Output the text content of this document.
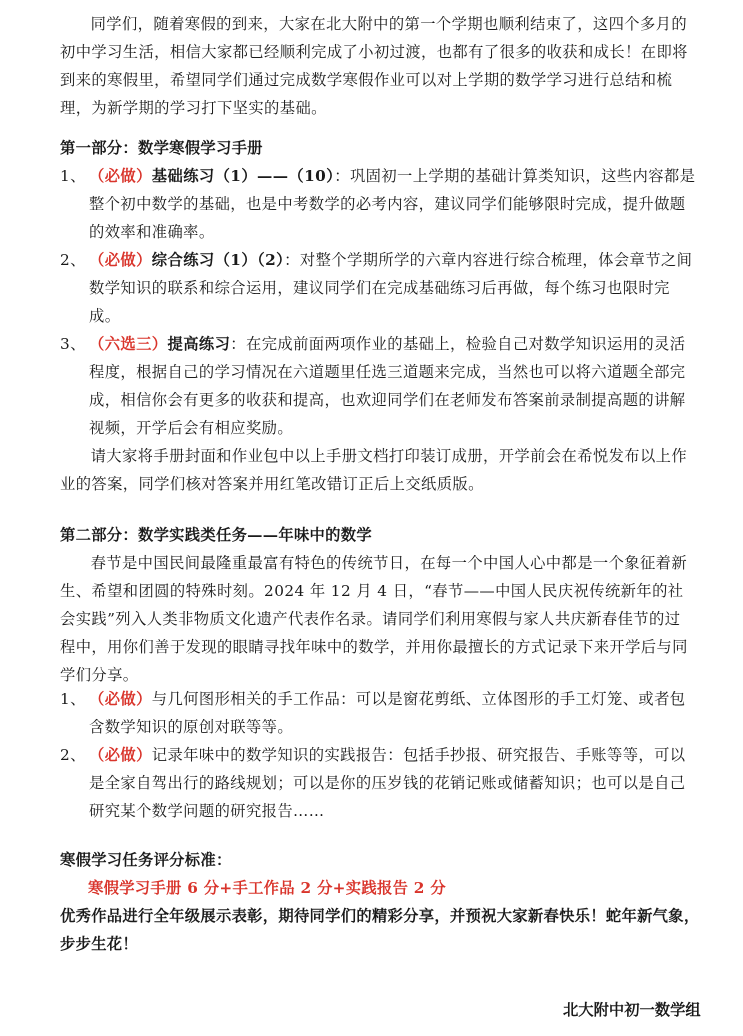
同学们，随着寒假的到来，大家在北大附中的第一个学期也顺利结束了，这四个多月的初中学习生活，相信大家都已经顺利完成了小初过渡，也都有了很多的收获和成长！在即将到来的寒假里，希望同学们通过完成数学寒假作业可以对上学期的数学学习进行总结和梳理，为新学期的学习打下坚实的基础。
第一部分：数学寒假学习手册
1、 （必做）基础练习（1）——（10）：巩固初一上学期的基础计算类知识，这些内容都是整个初中数学的基础，也是中考数学的必考内容，建议同学们能够限时完成，提升做题的效率和准确率。
2、 （必做）综合练习（1）（2）：对整个学期所学的六章内容进行综合梳理，体会章节之间数学知识的联系和综合运用，建议同学们在完成基础练习后再做，每个练习也限时完成。
3、 （六选三）提高练习：在完成前面两项作业的基础上，检验自己对数学知识运用的灵活程度，根据自己的学习情况在六道题里任选三道题来完成，当然也可以将六道题全部完成，相信你会有更多的收获和提高，也欢迎同学们在老师发布答案前录制提高题的讲解视频，开学后会有相应奖励。
请大家将手册封面和作业包中以上手册文档打印装订成册，开学前会在希悦发布以上作业的答案，同学们核对答案并用红笔改错订正后上交纸质版。
第二部分：数学实践类任务——年味中的数学
春节是中国民间最隆重最富有特色的传统节日，在每一个中国人心中都是一个象征着新生、希望和团圆的特殊时刻。2024 年 12 月 4 日，“春节——中国人民庆祝传统新年的社会实践”列入人类非物质文化遗产代表作名录。请同学们利用寒假与家人共庆新春佳节的过程中，用你们善于发现的眼睛寻找年味中的数学，并用你最擅长的方式记录下来开学后与同学们分享。
1、 （必做）与几何图形相关的手工作品：可以是窗花剪纸、立体图形的手工灯笼、或者包含数学知识的原创对联等等。
2、 （必做）记录年味中的数学知识的实践报告：包括手抄报、研究报告、手账等等，可以是全家自驾出行的路线规划；可以是你的压岁钱的花销记账或储蓄知识；也可以是自己研究某个数学问题的研究报告……
寒假学习任务评分标准：
寒假学习手册 6 分+手工作品 2 分+实践报告 2 分
优秀作品进行全年级展示表彰，期待同学们的精彩分享，并预祝大家新春快乐！蛇年新气象，步步生花！
北大附中初一数学组
